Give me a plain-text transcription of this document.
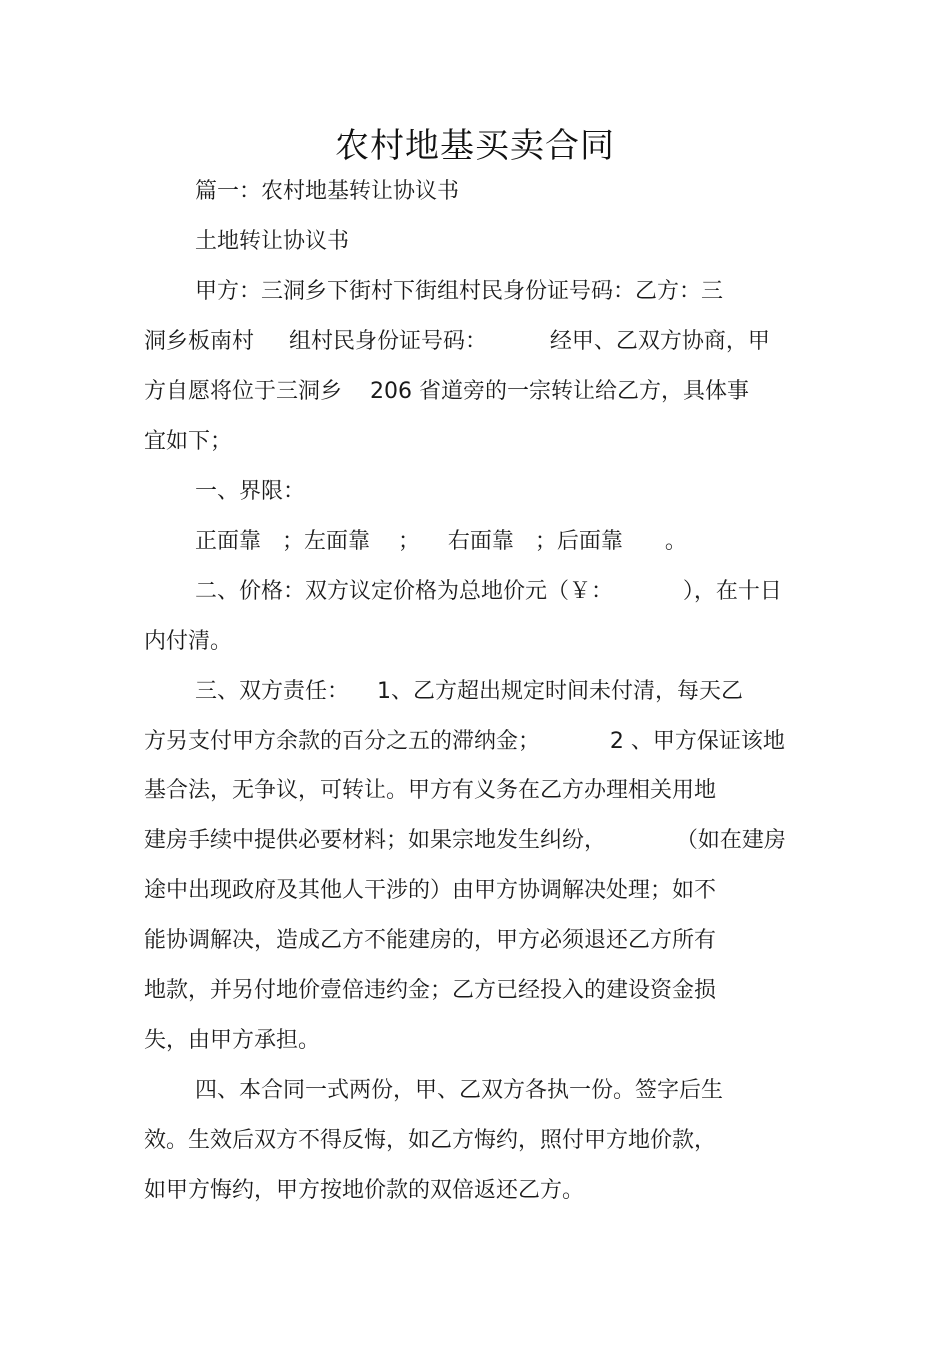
农村地基买卖合同
篇一：农村地基转让协议书
土地转让协议书
甲方：三洞乡下街村下街组村民身份证号码：乙方：三
洞乡板南村     组村民身份证号码：         经甲、乙双方协商，甲
方自愿将位于三洞乡    206 省道旁的一宗转让给乙方，具体事
宜如下；
一、界限：
正面靠   ；左面靠    ；    右面靠   ；后面靠      。
二、价格：双方议定价格为总地价元（￥：          ），在十日
内付清。
三、双方责任：    1、乙方超出规定时间未付清，每天乙
方另支付甲方余款的百分之五的滞纳金；          2 、甲方保证该地
基合法，无争议，可转让。甲方有义务在乙方办理相关用地
建房手续中提供必要材料；如果宗地发生纠纷，          （如在建房
途中出现政府及其他人干涉的）由甲方协调解决处理；如不
能协调解决，造成乙方不能建房的，甲方必须退还乙方所有
地款，并另付地价壹倍违约金；乙方已经投入的建设资金损
失，由甲方承担。
四、本合同一式两份，甲、乙双方各执一份。签字后生
效。生效后双方不得反悔，如乙方悔约，照付甲方地价款，
如甲方悔约，甲方按地价款的双倍返还乙方。
